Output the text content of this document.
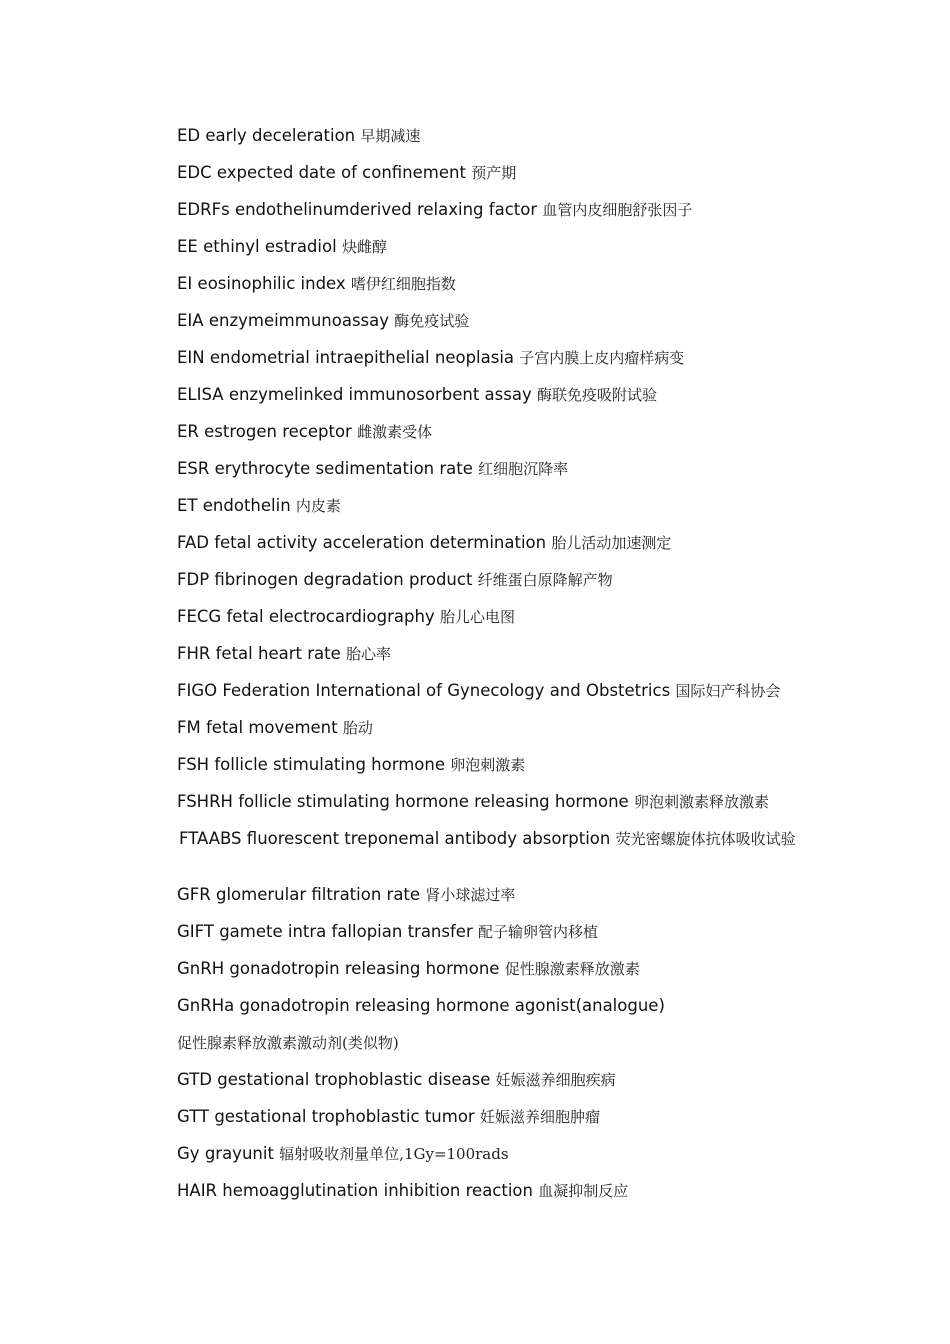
ED early deceleration 早期减速
EDC expected date of confinement 预产期
EDRFs endothelinumderived relaxing factor 血管内皮细胞舒张因子
EE ethinyl estradiol 炔雌醇
EI eosinophilic index 嗜伊红细胞指数
EIA enzymeimmunoassay 酶免疫试验
EIN endometrial intraepithelial neoplasia 子宫内膜上皮内瘤样病变
ELISA enzymelinked immunosorbent assay 酶联免疫吸附试验
ER estrogen receptor 雌激素受体
ESR erythrocyte sedimentation rate 红细胞沉降率
ET endothelin 内皮素
FAD fetal activity acceleration determination 胎儿活动加速测定
FDP fibrinogen degradation product 纤维蛋白原降解产物
FECG fetal electrocardiography 胎儿心电图
FHR fetal heart rate 胎心率
FIGO Federation International of Gynecology and Obstetrics 国际妇产科协会
FM fetal movement 胎动
FSH follicle stimulating hormone 卵泡刺激素
FSHRH follicle stimulating hormone releasing hormone 卵泡刺激素释放激素
FTAABS fluorescent treponemal antibody absorption 荧光密螺旋体抗体吸收试验
GFR glomerular filtration rate 肾小球滤过率
GIFT gamete intra fallopian transfer 配子输卵管内移植
GnRH gonadotropin releasing hormone 促性腺激素释放激素
GnRHa gonadotropin releasing hormone agonist(analogue)
促性腺素释放激素激动剂(类似物)
GTD gestational trophoblastic disease 妊娠滋养细胞疾病
GTT gestational trophoblastic tumor 妊娠滋养细胞肿瘤
Gy grayunit 辐射吸收剂量单位,1Gy=100rads
HAIR hemoagglutination inhibition reaction 血凝抑制反应
